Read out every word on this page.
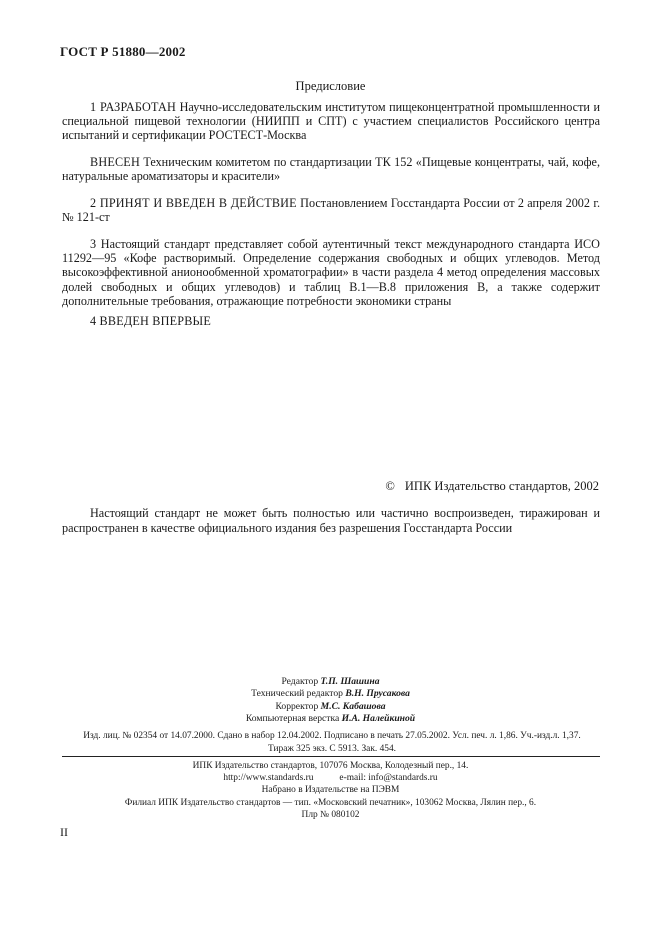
ГОСТ Р 51880—2002
Предисловие

1 РАЗРАБОТАН Научно-исследовательским институтом пищеконцентратной промышленности и специальной пищевой технологии (НИИПП и СПТ) с участием специалистов Российского центра испытаний и сертификации РОСТЕСТ-Москва

ВНЕСЕН Техническим комитетом по стандартизации ТК 152 «Пищевые концентраты, чай, кофе, натуральные ароматизаторы и красители»

2 ПРИНЯТ И ВВЕДЕН В ДЕЙСТВИЕ Постановлением Госстандарта России от 2 апреля 2002 г. № 121-ст

3 Настоящий стандарт представляет собой аутентичный текст международного стандарта ИСО 11292—95 «Кофе растворимый. Определение содержания свободных и общих углеводов. Метод высокоэффективной анионообменной хроматографии» в части раздела 4 метод определения массовых долей свободных и общих углеводов) и таблиц В.1—В.8 приложения В, а также содержит дополнительные требования, отражающие потребности экономики страны

4 ВВЕДЕН ВПЕРВЫЕ

© ИПК Издательство стандартов, 2002

Настоящий стандарт не может быть полностью или частично воспроизведен, тиражирован и распространен в качестве официального издания без разрешения Госстандарта России

Редактор Т.П. Шашина
Технический редактор В.Н. Прусакова
Корректор М.С. Кабашова
Компьютерная верстка И.А. Налейкиной
Изд. лиц. № 02354 от 14.07.2000. Сдано в набор 12.04.2002. Подписано в печать 27.05.2002. Усл. печ. л. 1,86. Уч.-изд.л. 1,37.
Тираж 325 экз. С 5913. Зак. 454.
ИПК Издательство стандартов, 107076 Москва, Колодезный пер., 14.
http://www.standards.ru	e-mail: info@standards.ru
Набрано в Издательстве на ПЭВМ
Филиал ИПК Издательство стандартов — тип. «Московский печатник», 103062 Москва, Лялин пер., 6.
Плр № 080102
II
